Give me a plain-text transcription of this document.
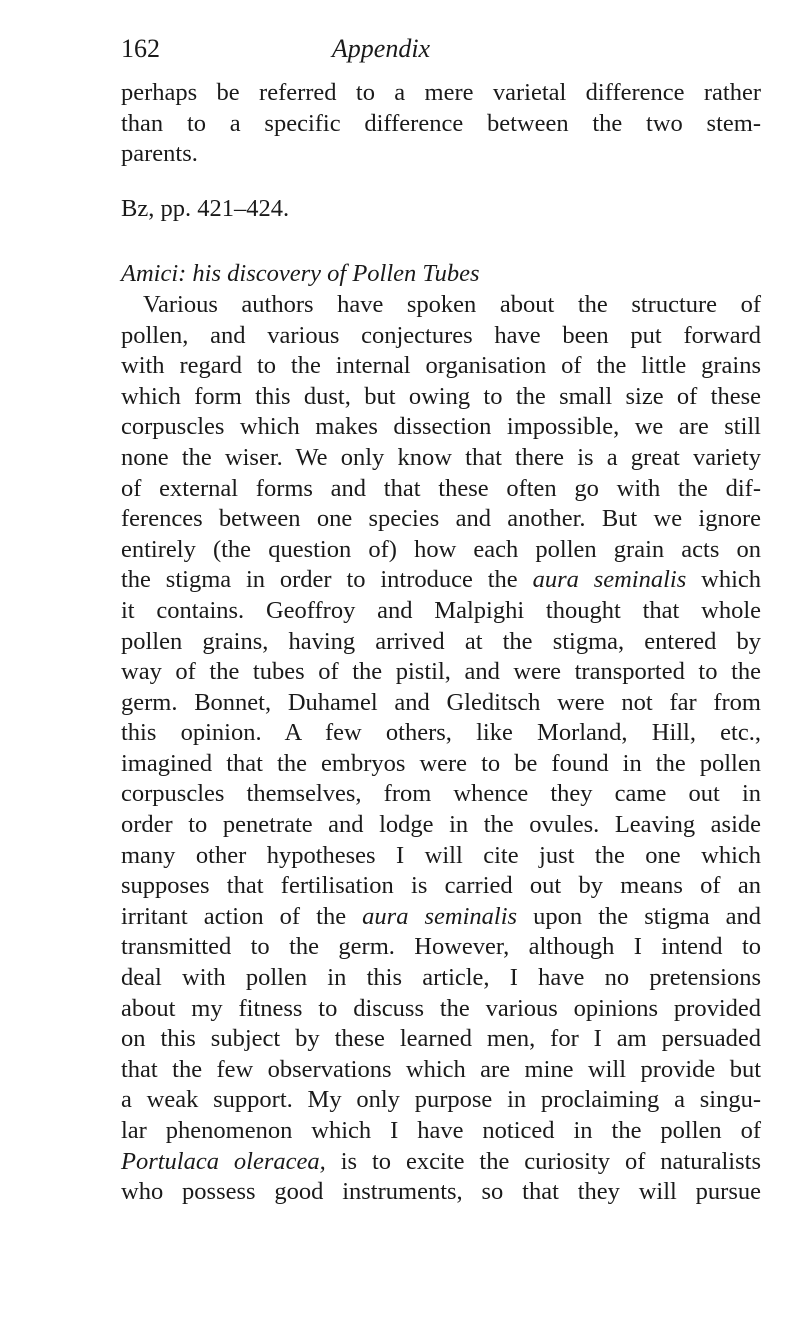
162	Appendix
perhaps be referred to a mere varietal difference rather
than to a specific difference between the two stem-
parents.
Bz, pp. 421–424.
Amici: his discovery of Pollen Tubes
Various authors have spoken about the structure of
pollen, and various conjectures have been put forward
with regard to the internal organisation of the little grains
which form this dust, but owing to the small size of these
corpuscles which makes dissection impossible, we are still
none the wiser. We only know that there is a great variety
of external forms and that these often go with the dif-
ferences between one species and another. But we ignore
entirely (the question of) how each pollen grain acts on
the stigma in order to introduce the aura seminalis which
it contains. Geoffroy and Malpighi thought that whole
pollen grains, having arrived at the stigma, entered by
way of the tubes of the pistil, and were transported to the
germ. Bonnet, Duhamel and Gleditsch were not far from
this opinion. A few others, like Morland, Hill, etc.,
imagined that the embryos were to be found in the pollen
corpuscles themselves, from whence they came out in
order to penetrate and lodge in the ovules. Leaving aside
many other hypotheses I will cite just the one which
supposes that fertilisation is carried out by means of an
irritant action of the aura seminalis upon the stigma and
transmitted to the germ. However, although I intend to
deal with pollen in this article, I have no pretensions
about my fitness to discuss the various opinions provided
on this subject by these learned men, for I am persuaded
that the few observations which are mine will provide but
a weak support. My only purpose in proclaiming a singu-
lar phenomenon which I have noticed in the pollen of
Portulaca oleracea, is to excite the curiosity of naturalists
who possess good instruments, so that they will pursue
